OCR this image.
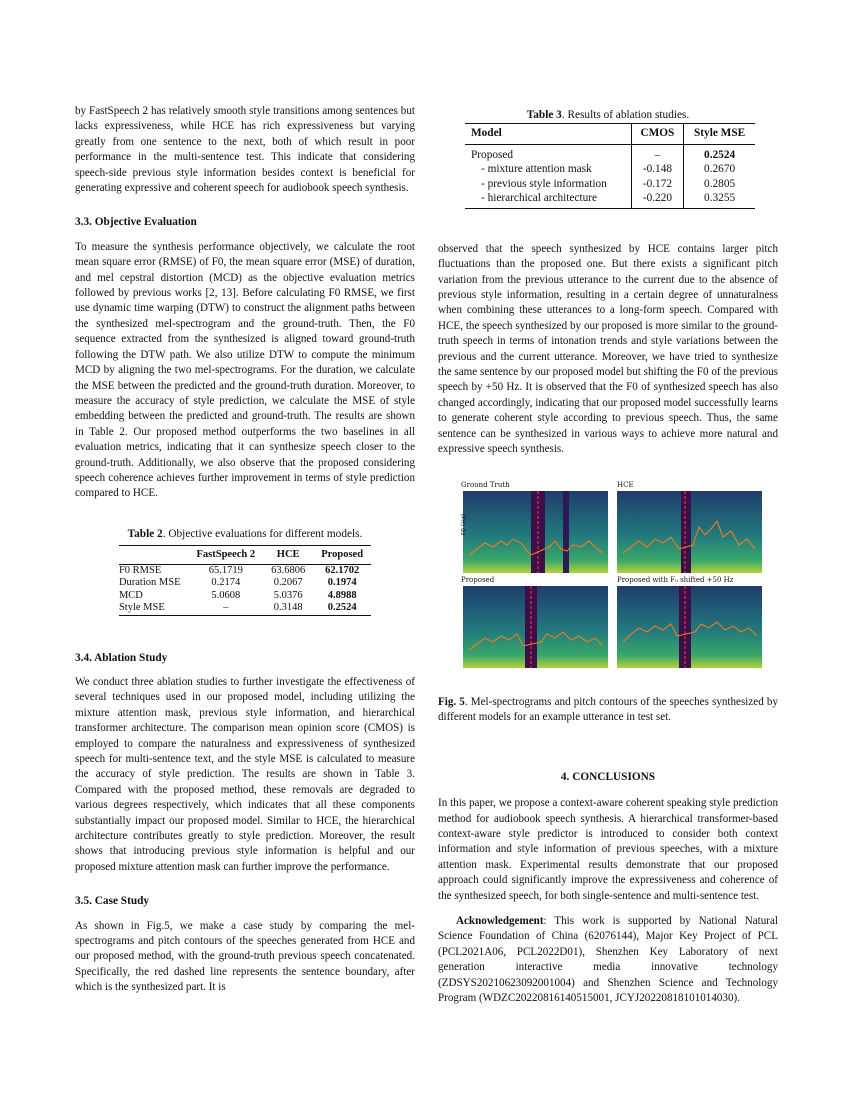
by FastSpeech 2 has relatively smooth style transitions among sentences but lacks expressiveness, while HCE has rich expressiveness but varying greatly from one sentence to the next, both of which result in poor performance in the multi-sentence test. This indicate that considering speech-side previous style information besides context is beneficial for generating expressive and coherent speech for audiobook speech synthesis.

3.3. Objective Evaluation

To measure the synthesis performance objectively, we calculate the root mean square error (RMSE) of F0, the mean square error (MSE) of duration, and mel cepstral distortion (MCD) as the objective evaluation metrics followed by previous works [2, 13]. Before calculating F0 RMSE, we first use dynamic time warping (DTW) to construct the alignment paths between the synthesized mel-spectrogram and the ground-truth. Then, the F0 sequence extracted from the synthesized is aligned toward ground-truth following the DTW path. We also utilize DTW to compute the minimum MCD by aligning the two mel-spectrograms. For the duration, we calculate the MSE between the predicted and the ground-truth duration. Moreover, to measure the accuracy of style prediction, we calculate the MSE of style embedding between the predicted and ground-truth. The results are shown in Table 2. Our proposed method outperforms the two baselines in all evaluation metrics, indicating that it can synthesize speech closer to the ground-truth. Additionally, we also observe that the proposed considering speech coherence achieves further improvement in terms of style prediction compared to HCE.

Table 2. Objective evaluations for different models.
	FastSpeech 2	HCE	Proposed
F0 RMSE	65.1719	63.6806	62.1702
Duration MSE	0.2174	0.2067	0.1974
MCD	5.0608	5.0376	4.8988
Style MSE	–	0.3148	0.2524
3.4. Ablation Study

We conduct three ablation studies to further investigate the effectiveness of several techniques used in our proposed model, including utilizing the mixture attention mask, previous style information, and hierarchical transformer architecture. The comparison mean opinion score (CMOS) is employed to compare the naturalness and expressiveness of synthesized speech for multi-sentence text, and the style MSE is calculated to measure the accuracy of style prediction. The results are shown in Table 3. Compared with the proposed method, these removals are degraded to various degrees respectively, which indicates that all these components substantially impact our proposed model. Similar to HCE, the hierarchical architecture contributes greatly to style prediction. Moreover, the result shows that introducing previous style information is helpful and our proposed mixture attention mask can further improve the performance.

3.5. Case Study

As shown in Fig.5, we make a case study by comparing the mel-spectrograms and pitch contours of the speeches generated from HCE and our proposed method, with the ground-truth previous speech concatenated. Specifically, the red dashed line represents the sentence boundary, after which is the synthesized part. It is

Table 3. Results of ablation studies.
Model	CMOS	Style MSE
Proposed	–	0.2524
- mixture attention mask	-0.148	0.2670
- previous style information	-0.172	0.2805
- hierarchical architecture	-0.220	0.3255

observed that the speech synthesized by HCE contains larger pitch fluctuations than the proposed one. But there exists a significant pitch variation from the previous utterance to the current due to the absence of previous style information, resulting in a certain degree of unnaturalness when combining these utterances to a long-form speech. Compared with HCE, the speech synthesized by our proposed is more similar to the ground-truth speech in terms of intonation trends and style variations between the previous and the current utterance. Moreover, we have tried to synthesize the same sentence by our proposed model but shifting the F0 of the previous speech by +50 Hz. It is observed that the F0 of synthesized speech has also changed accordingly, indicating that our proposed model successfully learns to generate coherent style according to previous speech. Thus, the same sentence can be synthesized in various ways to achieve more natural and expressive speech synthesis.

Ground Truth
F0 (Hz)
HCE
Proposed	Proposed with F₀ shifted +50 Hz

Fig. 5. Mel-spectrograms and pitch contours of the speeches synthesized by different models for an example utterance in test set.

4. CONCLUSIONS

In this paper, we propose a context-aware coherent speaking style prediction method for audiobook speech synthesis. A hierarchical transformer-based context-aware style predictor is introduced to consider both context information and style information of previous speeches, with a mixture attention mask. Experimental results demonstrate that our proposed approach could significantly improve the expressiveness and coherence of the synthesized speech, for both single-sentence and multi-sentence test.

Acknowledgement: This work is supported by National Natural Science Foundation of China (62076144), Major Key Project of PCL (PCL2021A06, PCL2022D01), Shenzhen Key Laboratory of next generation interactive media innovative technology (ZDSYS20210623092001004) and Shenzhen Science and Technology Program (WDZC20220816140515001, JCYJ20220818101014030).
